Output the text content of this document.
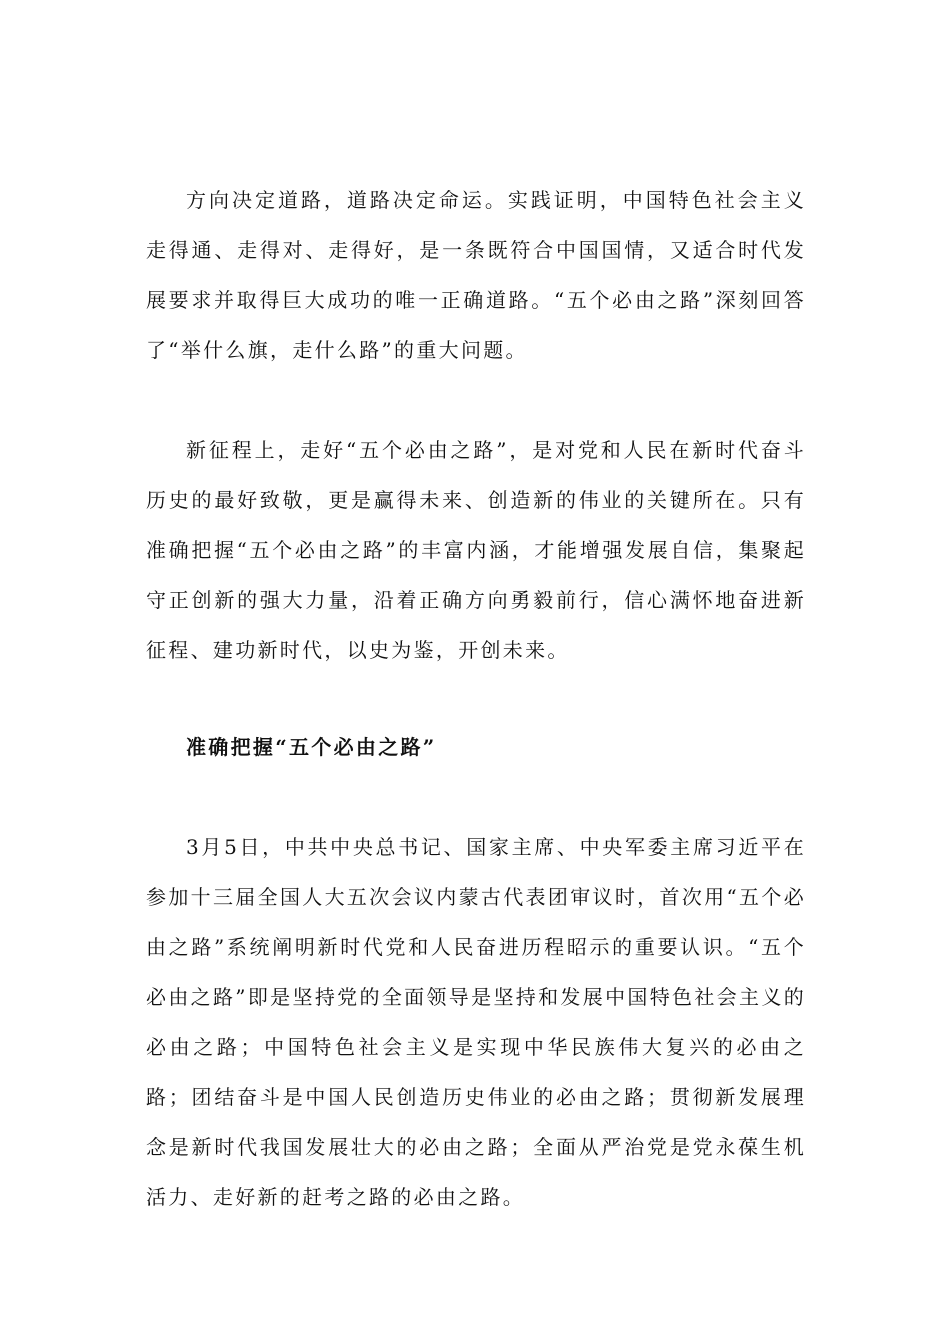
方向决定道路，道路决定命运。实践证明，中国特色社会主义走得通、走得对、走得好，是一条既符合中国国情，又适合时代发展要求并取得巨大成功的唯一正确道路。“五个必由之路”深刻回答了“举什么旗，走什么路”的重大问题。

新征程上，走好“五个必由之路”，是对党和人民在新时代奋斗历史的最好致敬，更是赢得未来、创造新的伟业的关键所在。只有准确把握“五个必由之路”的丰富内涵，才能增强发展自信，集聚起守正创新的强大力量，沿着正确方向勇毅前行，信心满怀地奋进新征程、建功新时代，以史为鉴，开创未来。

准确把握“五个必由之路”

3月5日，中共中央总书记、国家主席、中央军委主席习近平在参加十三届全国人大五次会议内蒙古代表团审议时，首次用“五个必由之路”系统阐明新时代党和人民奋进历程昭示的重要认识。“五个必由之路”即是坚持党的全面领导是坚持和发展中国特色社会主义的必由之路；中国特色社会主义是实现中华民族伟大复兴的必由之路；团结奋斗是中国人民创造历史伟业的必由之路；贯彻新发展理念是新时代我国发展壮大的必由之路；全面从严治党是党永葆生机活力、走好新的赶考之路的必由之路。
